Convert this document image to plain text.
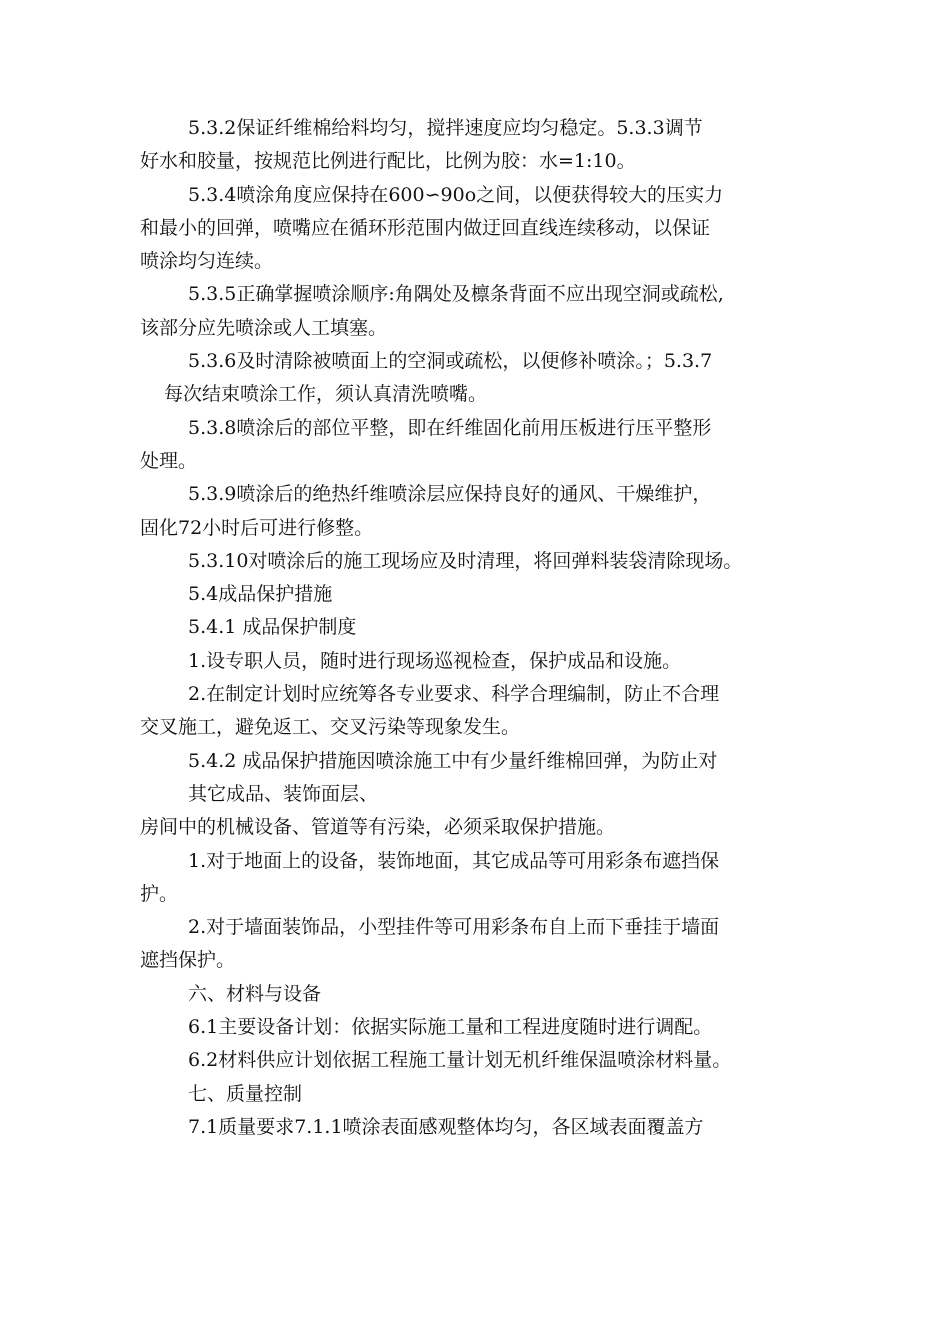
5.3.2保证纤维棉给料均匀，搅拌速度应均匀稳定。5.3.3调节
好水和胶量，按规范比例进行配比，比例为胶：水=1:10。
5.3.4喷涂角度应保持在600∽90o之间，以便获得较大的压实力
和最小的回弹，喷嘴应在循环形范围内做迂回直线连续移动，以保证
喷涂均匀连续。
5.3.5正确掌握喷涂顺序:角隅处及檩条背面不应出现空洞或疏松,
该部分应先喷涂或人工填塞。
5.3.6及时清除被喷面上的空洞或疏松，以便修补喷涂。；5.3.7
每次结束喷涂工作，须认真清洗喷嘴。
5.3.8喷涂后的部位平整，即在纤维固化前用压板进行压平整形
处理。
5.3.9喷涂后的绝热纤维喷涂层应保持良好的通风、干燥维护，
固化72小时后可进行修整。
5.3.10对喷涂后的施工现场应及时清理，将回弹料装袋清除现场。
5.4成品保护措施
5.4.1 成品保护制度
1.设专职人员，随时进行现场巡视检查，保护成品和设施。
2.在制定计划时应统筹各专业要求、科学合理编制，防止不合理
交叉施工，避免返工、交叉污染等现象发生。
5.4.2 成品保护措施因喷涂施工中有少量纤维棉回弹，为防止对
其它成品、装饰面层、
房间中的机械设备、管道等有污染，必须采取保护措施。
1.对于地面上的设备，装饰地面，其它成品等可用彩条布遮挡保
护。
2.对于墙面装饰品，小型挂件等可用彩条布自上而下垂挂于墙面
遮挡保护。
六、材料与设备
6.1主要设备计划：依据实际施工量和工程进度随时进行调配。
6.2材料供应计划依据工程施工量计划无机纤维保温喷涂材料量。
七、质量控制
7.1质量要求7.1.1喷涂表面感观整体均匀，各区域表面覆盖方
